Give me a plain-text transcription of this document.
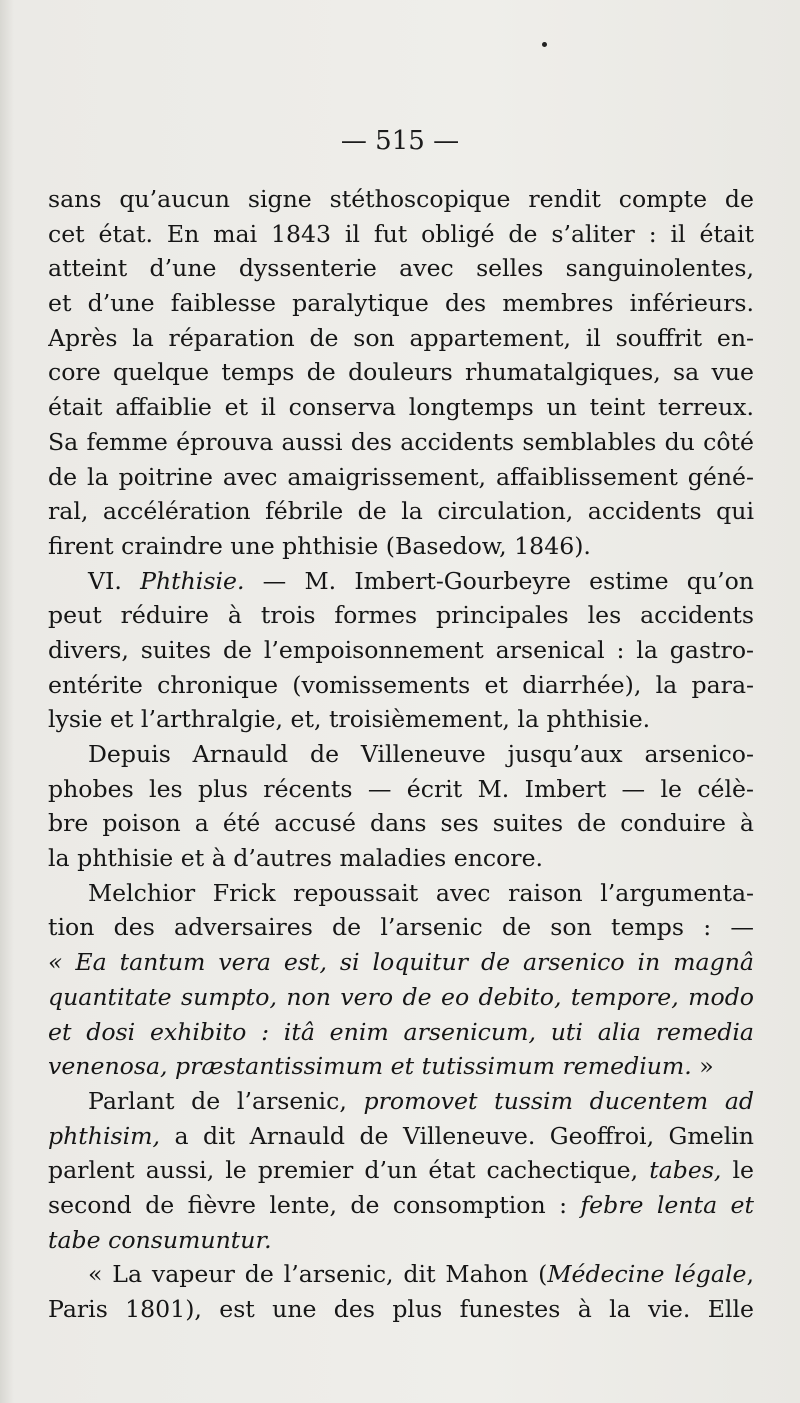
— 515 —
sans qu’aucun signe stéthoscopique rendit compte de
cet état. En mai 1843 il fut obligé de s’aliter : il était
atteint d’une dyssenterie avec selles sanguinolentes,
et d’une faiblesse paralytique des membres inférieurs.
Après la réparation de son appartement, il souffrit en-
core quelque temps de douleurs rhumatalgiques, sa vue
était affaiblie et il conserva longtemps un teint terreux.
Sa femme éprouva aussi des accidents semblables du côté
de la poitrine avec amaigrissement, affaiblissement géné-
ral, accélération fébrile de la circulation, accidents qui
firent craindre une phthisie (Basedow, 1846).
VI. Phthisie. — M. Imbert-Gourbeyre estime qu’on
peut réduire à trois formes principales les accidents
divers, suites de l’empoisonnement arsenical : la gastro-
entérite chronique (vomissements et diarrhée), la para-
lysie et l’arthralgie, et, troisièmement, la phthisie.
Depuis Arnauld de Villeneuve jusqu’aux arsenico-
phobes les plus récents — écrit M. Imbert — le célè-
bre poison a été accusé dans ses suites de conduire à
la phthisie et à d’autres maladies encore.
Melchior Frick repoussait avec raison l’argumenta-
tion des adversaires de l’arsenic de son temps : —
« Ea tantum vera est, si loquitur de arsenico in magnâ
quantitate sumpto, non vero de eo debito, tempore, modo
et dosi exhibito : itâ enim arsenicum, uti alia remedia
venenosa, præstantissimum et tutissimum remedium. »
Parlant de l’arsenic, promovet tussim ducentem ad
phthisim, a dit Arnauld de Villeneuve. Geoffroi, Gmelin
parlent aussi, le premier d’un état cachectique, tabes, le
second de fièvre lente, de consomption : febre lenta et
tabe consumuntur.
« La vapeur de l’arsenic, dit Mahon (Médecine légale,
Paris 1801), est une des plus funestes à la vie. Elle
